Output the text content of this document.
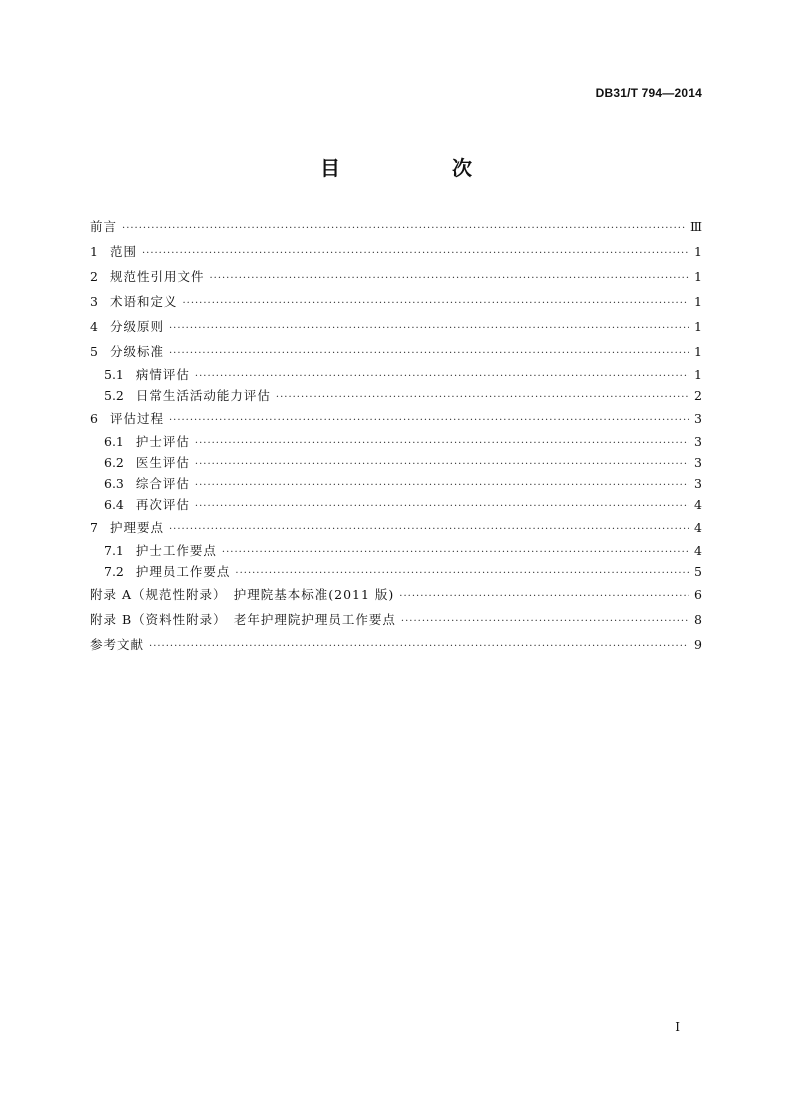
DB31/T 794—2014
目　次
前言 ·····	Ⅲ
1 范围 ·····	1
2 规范性引用文件 ·····	1
3 术语和定义 ·····	1
4 分级原则 ·····	1
5 分级标准 ·····	1
5.1 病情评估 ·····	1
5.2 日常生活活动能力评估 ·····	2
6 评估过程 ·····	3
6.1 护士评估 ·····	3
6.2 医生评估 ·····	3
6.3 综合评估 ·····	3
6.4 再次评估 ·····	4
7 护理要点 ·····	4
7.1 护士工作要点 ·····	4
7.2 护理员工作要点 ·····	5
附录 A（规范性附录）　护理院基本标准(2011 版) ·····	6
附录 B（资料性附录）　老年护理院护理员工作要点 ·····	8
参考文献 ·····	9
I
